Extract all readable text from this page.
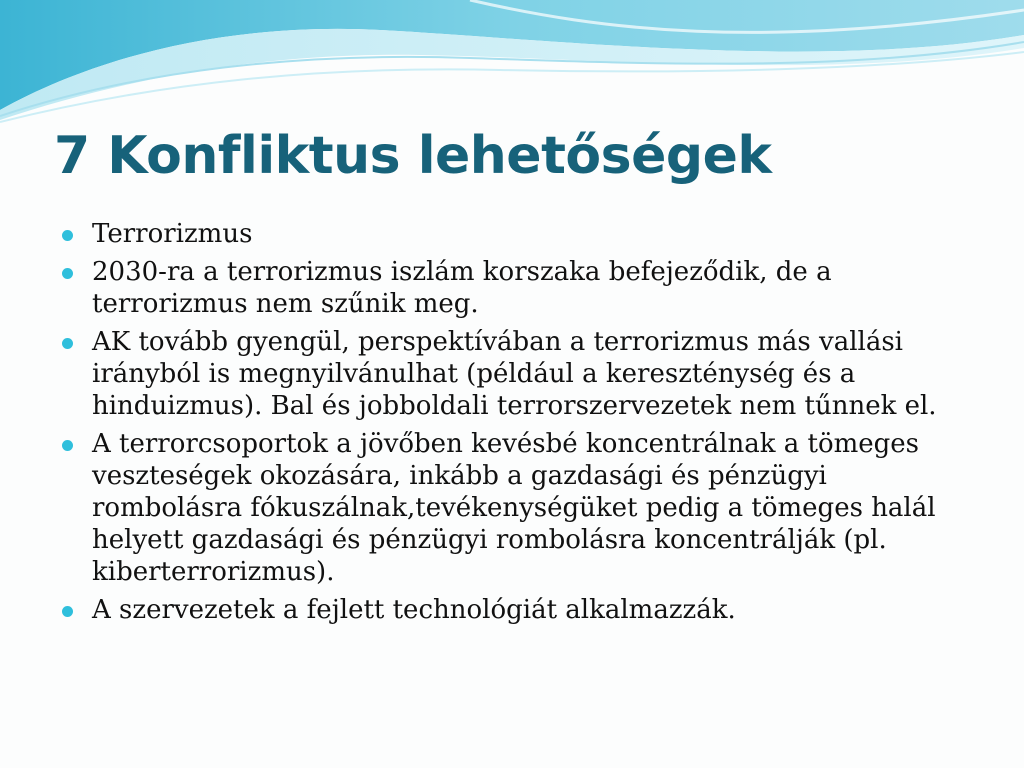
7 Konfliktus lehetőségek
Terrorizmus
2030-ra a terrorizmus iszlám korszaka befejeződik, de a terrorizmus nem szűnik meg.
AK tovább gyengül, perspektívában a terrorizmus más vallási irányból is megnyilvánulhat (például a kereszténység és a hinduizmus). Bal és jobboldali terrorszervezetek nem tűnnek el.
A terrorcsoportok a jövőben kevésbé koncentrálnak a tömeges veszteségek okozására, inkább a gazdasági és pénzügyi rombolásra fókuszálnak,tevékenységüket pedig a tömeges halál helyett gazdasági és pénzügyi rombolásra koncentrálják (pl. kiberterrorizmus).
A szervezetek a fejlett technológiát alkalmazzák.
